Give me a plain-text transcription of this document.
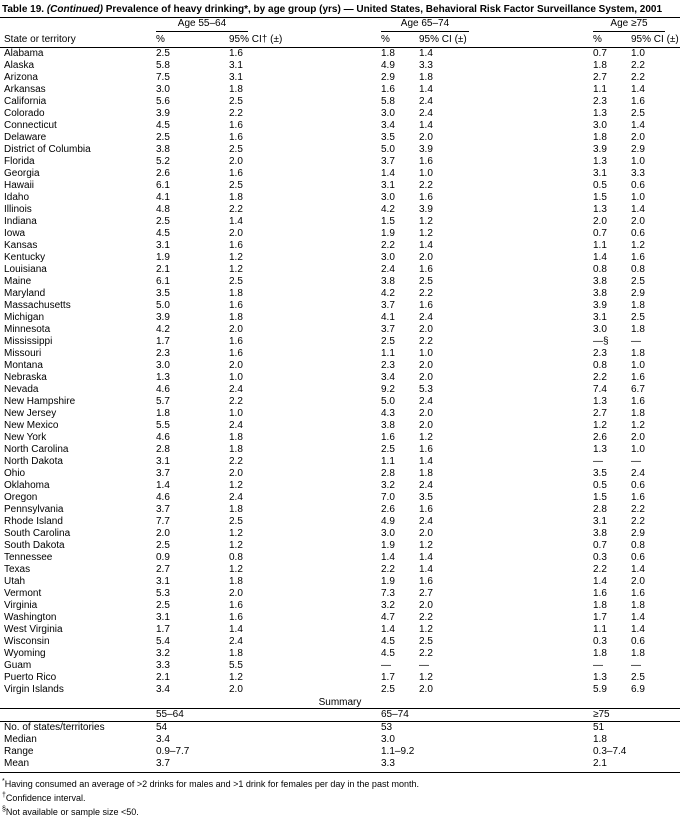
Table 19. (Continued) Prevalence of heavy drinking*, by age group (yrs) — United States, Behavioral Risk Factor Surveillance System, 2001

	Age 55–64		Age 65–74		Age ≥75	

State or territory	%	95% CI† (±)	%	95% CI (±)	%	95% CI (±)
Alabama	2.5	1.6	1.8	1.4	0.7	1.0
Alaska	5.8	3.1	4.9	3.3	1.8	2.2
Arizona	7.5	3.1	2.9	1.8	2.7	2.2
Arkansas	3.0	1.8	1.6	1.4	1.1	1.4
California	5.6	2.5	5.8	2.4	2.3	1.6
Colorado	3.9	2.2	3.0	2.4	1.3	2.5
Connecticut	4.5	1.6	3.4	1.4	3.0	1.4
Delaware	2.5	1.6	3.5	2.0	1.8	2.0
District of Columbia	3.8	2.5	5.0	3.9	3.9	2.9
Florida	5.2	2.0	3.7	1.6	1.3	1.0
Georgia	2.6	1.6	1.4	1.0	3.1	3.3
Hawaii	6.1	2.5	3.1	2.2	0.5	0.6
Idaho	4.1	1.8	3.0	1.6	1.5	1.0
Illinois	4.8	2.2	4.2	3.9	1.3	1.4
Indiana	2.5	1.4	1.5	1.2	2.0	2.0
Iowa	4.5	2.0	1.9	1.2	0.7	0.6
Kansas	3.1	1.6	2.2	1.4	1.1	1.2
Kentucky	1.9	1.2	3.0	2.0	1.4	1.6
Louisiana	2.1	1.2	2.4	1.6	0.8	0.8
Maine	6.1	2.5	3.8	2.5	3.8	2.5
Maryland	3.5	1.8	4.2	2.2	3.8	2.9
Massachusetts	5.0	1.6	3.7	1.6	3.9	1.8
Michigan	3.9	1.8	4.1	2.4	3.1	2.5
Minnesota	4.2	2.0	3.7	2.0	3.0	1.8
Mississippi	1.7	1.6	2.5	2.2	—§	—
Missouri	2.3	1.6	1.1	1.0	2.3	1.8
Montana	3.0	2.0	2.3	2.0	0.8	1.0
Nebraska	1.3	1.0	3.4	2.0	2.2	1.6
Nevada	4.6	2.4	9.2	5.3	7.4	6.7
New Hampshire	5.7	2.2	5.0	2.4	1.3	1.6
New Jersey	1.8	1.0	4.3	2.0	2.7	1.8
New Mexico	5.5	2.4	3.8	2.0	1.2	1.2
New York	4.6	1.8	1.6	1.2	2.6	2.0
North Carolina	2.8	1.8	2.5	1.6	1.3	1.0
North Dakota	3.1	2.2	1.1	1.4	—	—
Ohio	3.7	2.0	2.8	1.8	3.5	2.4
Oklahoma	1.4	1.2	3.2	2.4	0.5	0.6
Oregon	4.6	2.4	7.0	3.5	1.5	1.6
Pennsylvania	3.7	1.8	2.6	1.6	2.8	2.2
Rhode Island	7.7	2.5	4.9	2.4	3.1	2.2
South Carolina	2.0	1.2	3.0	2.0	3.8	2.9
South Dakota	2.5	1.2	1.9	1.2	0.7	0.8
Tennessee	0.9	0.8	1.4	1.4	0.3	0.6
Texas	2.7	1.2	2.2	1.4	2.2	1.4
Utah	3.1	1.8	1.9	1.6	1.4	2.0
Vermont	5.3	2.0	7.3	2.7	1.6	1.6
Virginia	2.5	1.6	3.2	2.0	1.8	1.8
Washington	3.1	1.6	4.7	2.2	1.7	1.4
West Virginia	1.7	1.4	1.4	1.2	1.1	1.4
Wisconsin	5.4	2.4	4.5	2.5	0.3	0.6
Wyoming	3.2	1.8	4.5	2.2	1.8	1.8
Guam	3.3	5.5	—	—	—	—
Puerto Rico	2.1	1.2	1.7	1.2	1.3	2.5
Virgin Islands	3.4	2.0	2.5	2.0	5.9	6.9
Summary
	55–64	65–74	≥75
No. of states/territories	54	53	51
Median	3.4	3.0	1.8
Range	0.9–7.7	1.1–9.2	0.3–7.4
Mean	3.7	3.3	2.1
*Having consumed an average of >2 drinks for males and >1 drink for females per day in the past month.
†Confidence interval.
§Not available or sample size <50.
